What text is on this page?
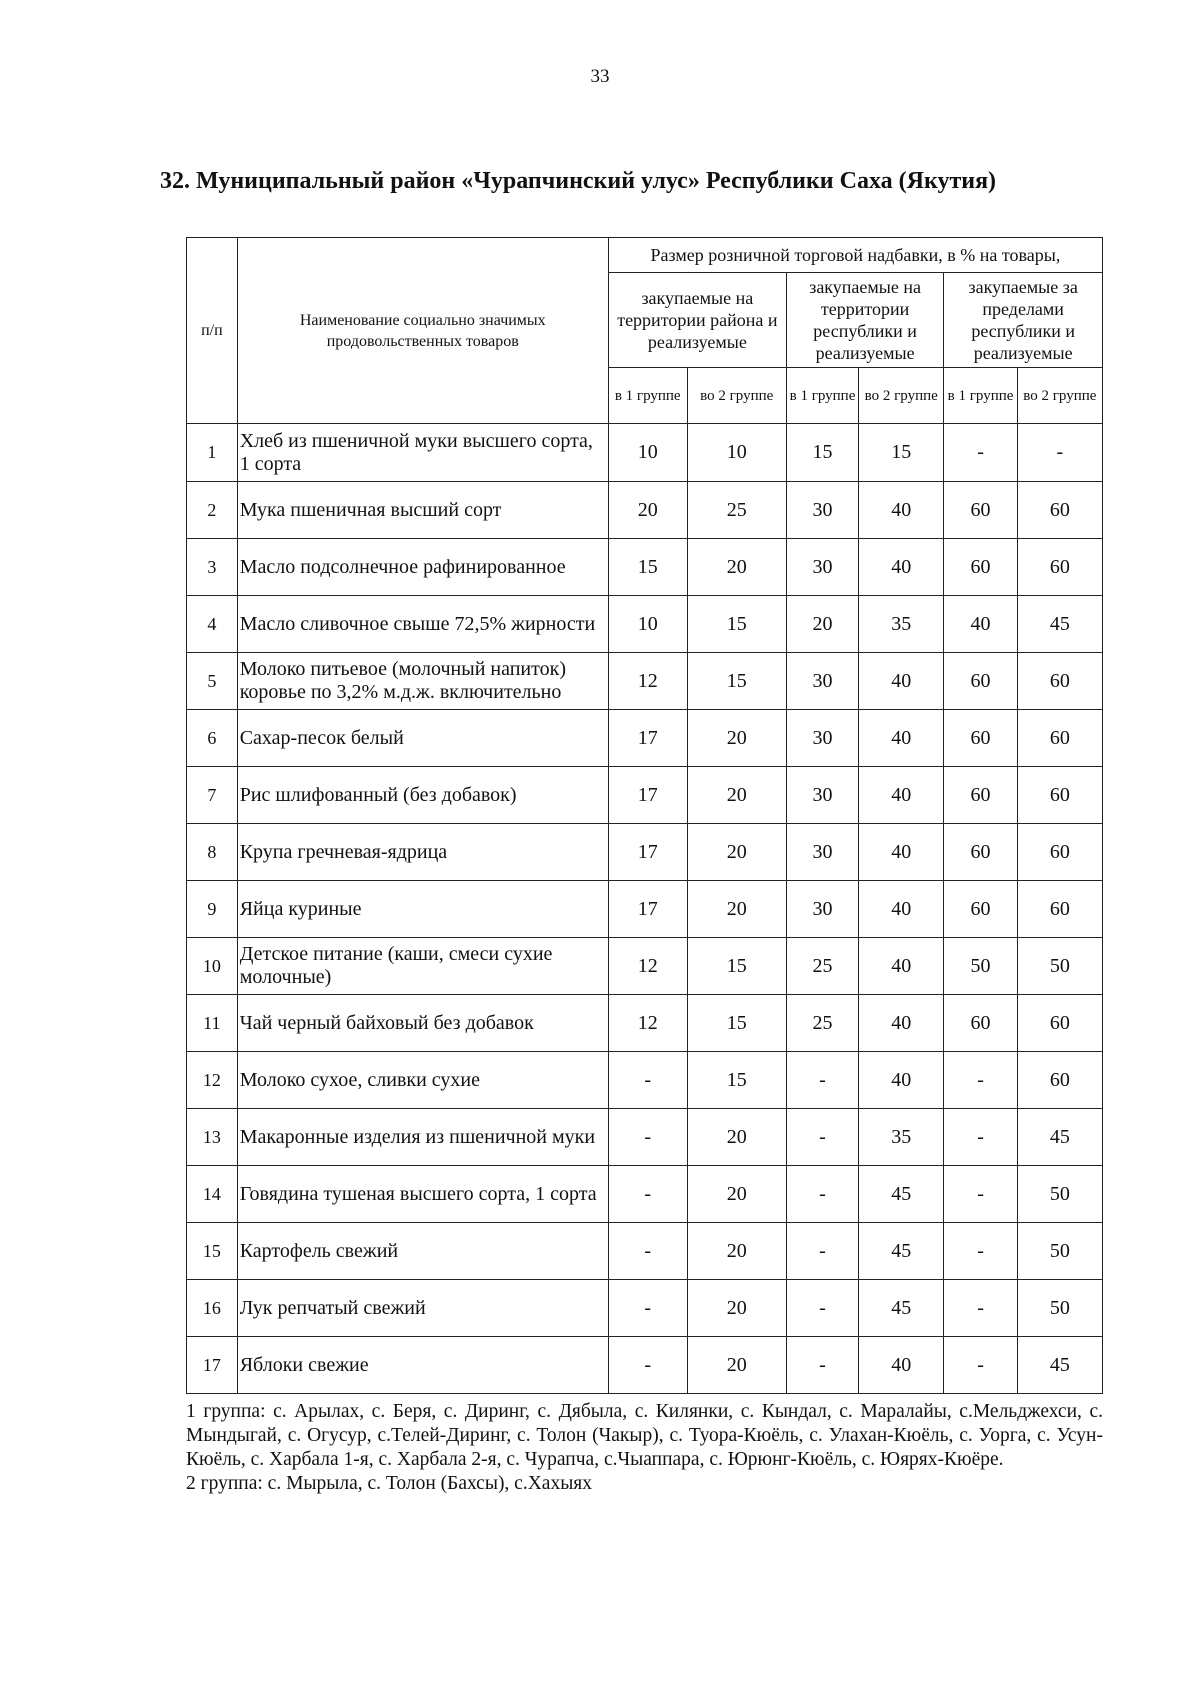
33
32. Муниципальный район «Чурапчинский улус» Республики Саха (Якутия)
п/п	Наименование социально значимых продовольственных товаров	Размер розничной торговой надбавки, в % на товары,					
		закупаемые на территории района и реализуемые		закупаемые на территории республики и реализуемые		закупаемые за пределами республики и реализуемые	
		в 1 группе	во 2 группе	в 1 группе	во 2 группе	в 1 группе	во 2 группе
1	Хлеб из пшеничной муки высшего сорта, 1 сорта	10	10	15	15	-	-
2	Мука пшеничная высший сорт	20	25	30	40	60	60
3	Масло подсолнечное рафинированное	15	20	30	40	60	60
4	Масло сливочное свыше 72,5% жирности	10	15	20	35	40	45
5	Молоко питьевое (молочный напиток) коровье по 3,2% м.д.ж. включительно	12	15	30	40	60	60
6	Сахар-песок белый	17	20	30	40	60	60
7	Рис шлифованный (без добавок)	17	20	30	40	60	60
8	Крупа гречневая-ядрица	17	20	30	40	60	60
9	Яйца куриные	17	20	30	40	60	60
10	Детское питание (каши, смеси сухие молочные)	12	15	25	40	50	50
11	Чай черный байховый без добавок	12	15	25	40	60	60
12	Молоко сухое, сливки сухие	-	15	-	40	-	60
13	Макаронные изделия из пшеничной муки	-	20	-	35	-	45
14	Говядина тушеная высшего сорта, 1 сорта	-	20	-	45	-	50
15	Картофель свежий	-	20	-	45	-	50
16	Лук репчатый свежий	-	20	-	45	-	50
17	Яблоки свежие	-	20	-	40	-	45

1 группа: с. Арылах, с. Беря, с. Диринг, с. Дябыла, с. Килянки, с. Кындал, с. Маралайы, с.Мельджехси, с. Мындыгай, с. Огусур, с.Телей-Диринг, с. Толон (Чакыр), с. Туора-Кюёль, с. Улахан-Кюёль, с. Уорга, с. Усун-Кюёль, с. Харбала 1-я, с. Харбала 2-я, с. Чурапча, с.Чыаппара, с. Юрюнг-Кюёль, с. Юярях-Кюёре.

2 группа: с. Мырыла, с. Толон (Бахсы), с.Хахыях
